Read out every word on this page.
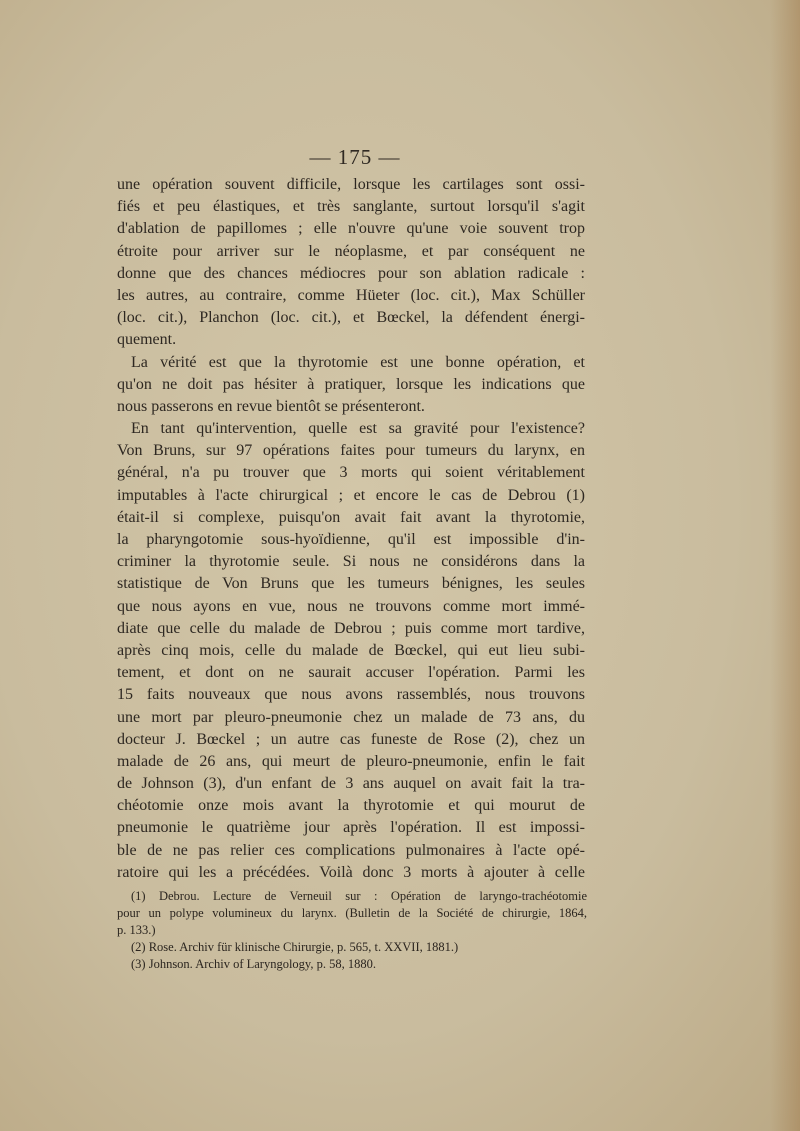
— 175 —
une opération souvent difficile, lorsque les cartilages sont ossi-
fiés et peu élastiques, et très sanglante, surtout lorsqu'il s'agit
d'ablation de papillomes ; elle n'ouvre qu'une voie souvent trop
étroite pour arriver sur le néoplasme, et par conséquent ne
donne que des chances médiocres pour son ablation radicale :
les autres, au contraire, comme Hüeter (loc. cit.), Max Schüller
(loc. cit.), Planchon (loc. cit.), et Bœckel, la défendent énergi-
quement.
La vérité est que la thyrotomie est une bonne opération, et
qu'on ne doit pas hésiter à pratiquer, lorsque les indications que
nous passerons en revue bientôt se présenteront.
En tant qu'intervention, quelle est sa gravité pour l'existence?
Von Bruns, sur 97 opérations faites pour tumeurs du larynx, en
général, n'a pu trouver que 3 morts qui soient véritablement
imputables à l'acte chirurgical ; et encore le cas de Debrou (1)
était-il si complexe, puisqu'on avait fait avant la thyrotomie,
la pharyngotomie sous-hyoïdienne, qu'il est impossible d'in-
criminer la thyrotomie seule. Si nous ne considérons dans la
statistique de Von Bruns que les tumeurs bénignes, les seules
que nous ayons en vue, nous ne trouvons comme mort immé-
diate que celle du malade de Debrou ; puis comme mort tardive,
après cinq mois, celle du malade de Bœckel, qui eut lieu subi-
tement, et dont on ne saurait accuser l'opération. Parmi les
15 faits nouveaux que nous avons rassemblés, nous trouvons
une mort par pleuro-pneumonie chez un malade de 73 ans, du
docteur J. Bœckel ; un autre cas funeste de Rose (2), chez un
malade de 26 ans, qui meurt de pleuro-pneumonie, enfin le fait
de Johnson (3), d'un enfant de 3 ans auquel on avait fait la tra-
chéotomie onze mois avant la thyrotomie et qui mourut de
pneumonie le quatrième jour après l'opération. Il est impossi-
ble de ne pas relier ces complications pulmonaires à l'acte opé-
ratoire qui les a précédées. Voilà donc 3 morts à ajouter à celle
(1) Debrou. Lecture de Verneuil sur : Opération de laryngo-trachéotomie
pour un polype volumineux du larynx. (Bulletin de la Société de chirurgie, 1864,
p. 133.)
(2) Rose. Archiv für klinische Chirurgie, p. 565, t. XXVII, 1881.)
(3) Johnson. Archiv of Laryngology, p. 58, 1880.
